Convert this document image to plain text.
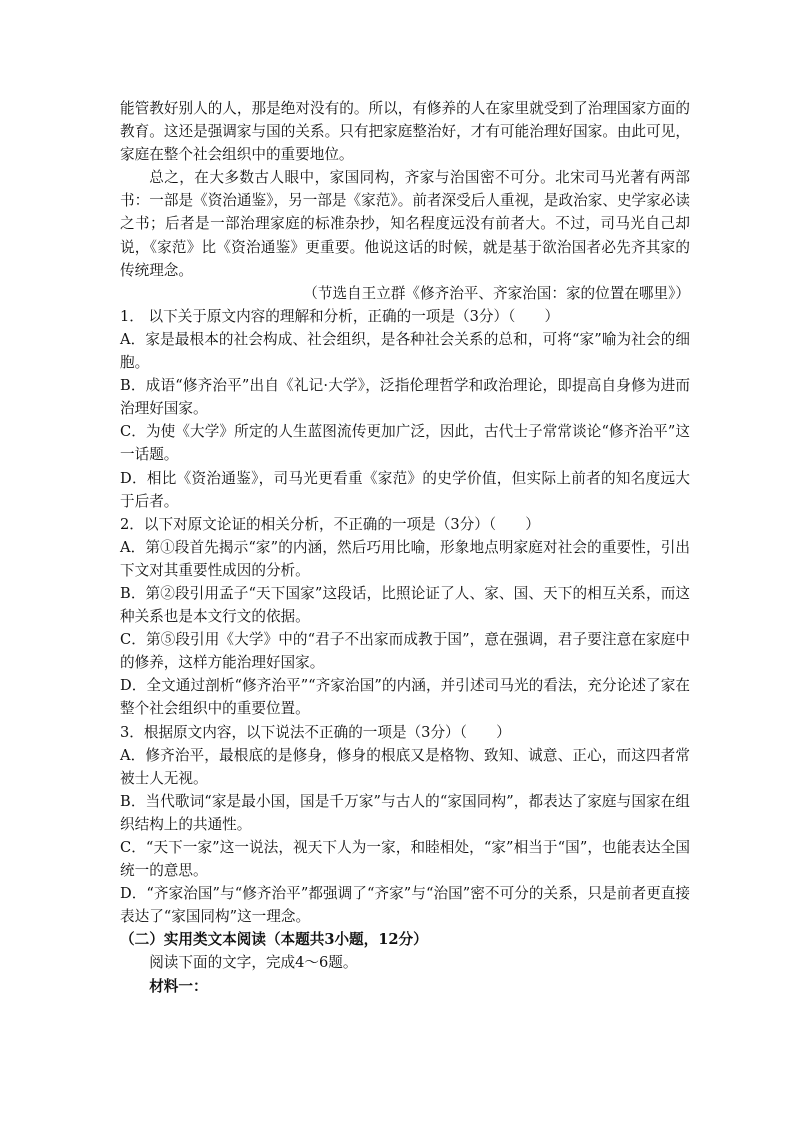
能管教好别人的人，那是绝对没有的。所以，有修养的人在家里就受到了治理国家方面的教育。这还是强调家与国的关系。只有把家庭整治好，才有可能治理好国家。由此可见，家庭在整个社会组织中的重要地位。

总之，在大多数古人眼中，家国同构，齐家与治国密不可分。北宋司马光著有两部书：一部是《资治通鉴》，另一部是《家范》。前者深受后人重视，是政治家、史学家必读之书；后者是一部治理家庭的标准杂抄，知名程度远没有前者大。不过，司马光自己却说，《家范》比《资治通鉴》更重要。他说这话的时候，就是基于欲治国者必先齐其家的传统理念。

（节选自王立群《修齐治平、齐家治国：家的位置在哪里》）

1． 以下关于原文内容的理解和分析，正确的一项是（3分）（　　）

A．家是最根本的社会构成、社会组织，是各种社会关系的总和，可将“家”喻为社会的细胞。

B．成语“修齐治平”出自《礼记·大学》，泛指伦理哲学和政治理论，即提高自身修为进而治理好国家。

C．为使《大学》所定的人生蓝图流传更加广泛，因此，古代士子常常谈论“修齐治平”这一话题。

D．相比《资治通鉴》，司马光更看重《家范》的史学价值，但实际上前者的知名度远大于后者。

2．以下对原文论证的相关分析，不正确的一项是（3分）（　　）

A．第①段首先揭示“家”的内涵，然后巧用比喻，形象地点明家庭对社会的重要性，引出下文对其重要性成因的分析。

B．第②段引用孟子“天下国家”这段话，比照论证了人、家、国、天下的相互关系，而这种关系也是本文行文的依据。

C．第⑤段引用《大学》中的“君子不出家而成教于国”，意在强调，君子要注意在家庭中的修养，这样方能治理好国家。

D．全文通过剖析“修齐治平”“齐家治国”的内涵，并引述司马光的看法，充分论述了家在整个社会组织中的重要位置。

3．根据原文内容，以下说法不正确的一项是（3分）（　　）

A．修齐治平，最根底的是修身，修身的根底又是格物、致知、诚意、正心，而这四者常被士人无视。

B．当代歌词“家是最小国，国是千万家”与古人的“家国同构”，都表达了家庭与国家在组织结构上的共通性。

C．“天下一家”这一说法，视天下人为一家，和睦相处，“家”相当于“国”，也能表达全国统一的意思。

D．“齐家治国”与“修齐治平”都强调了“齐家”与“治国”密不可分的关系，只是前者更直接表达了“家国同构”这一理念。

（二）实用类文本阅读（本题共3小题，12分）

阅读下面的文字，完成4～6题。

材料一：
